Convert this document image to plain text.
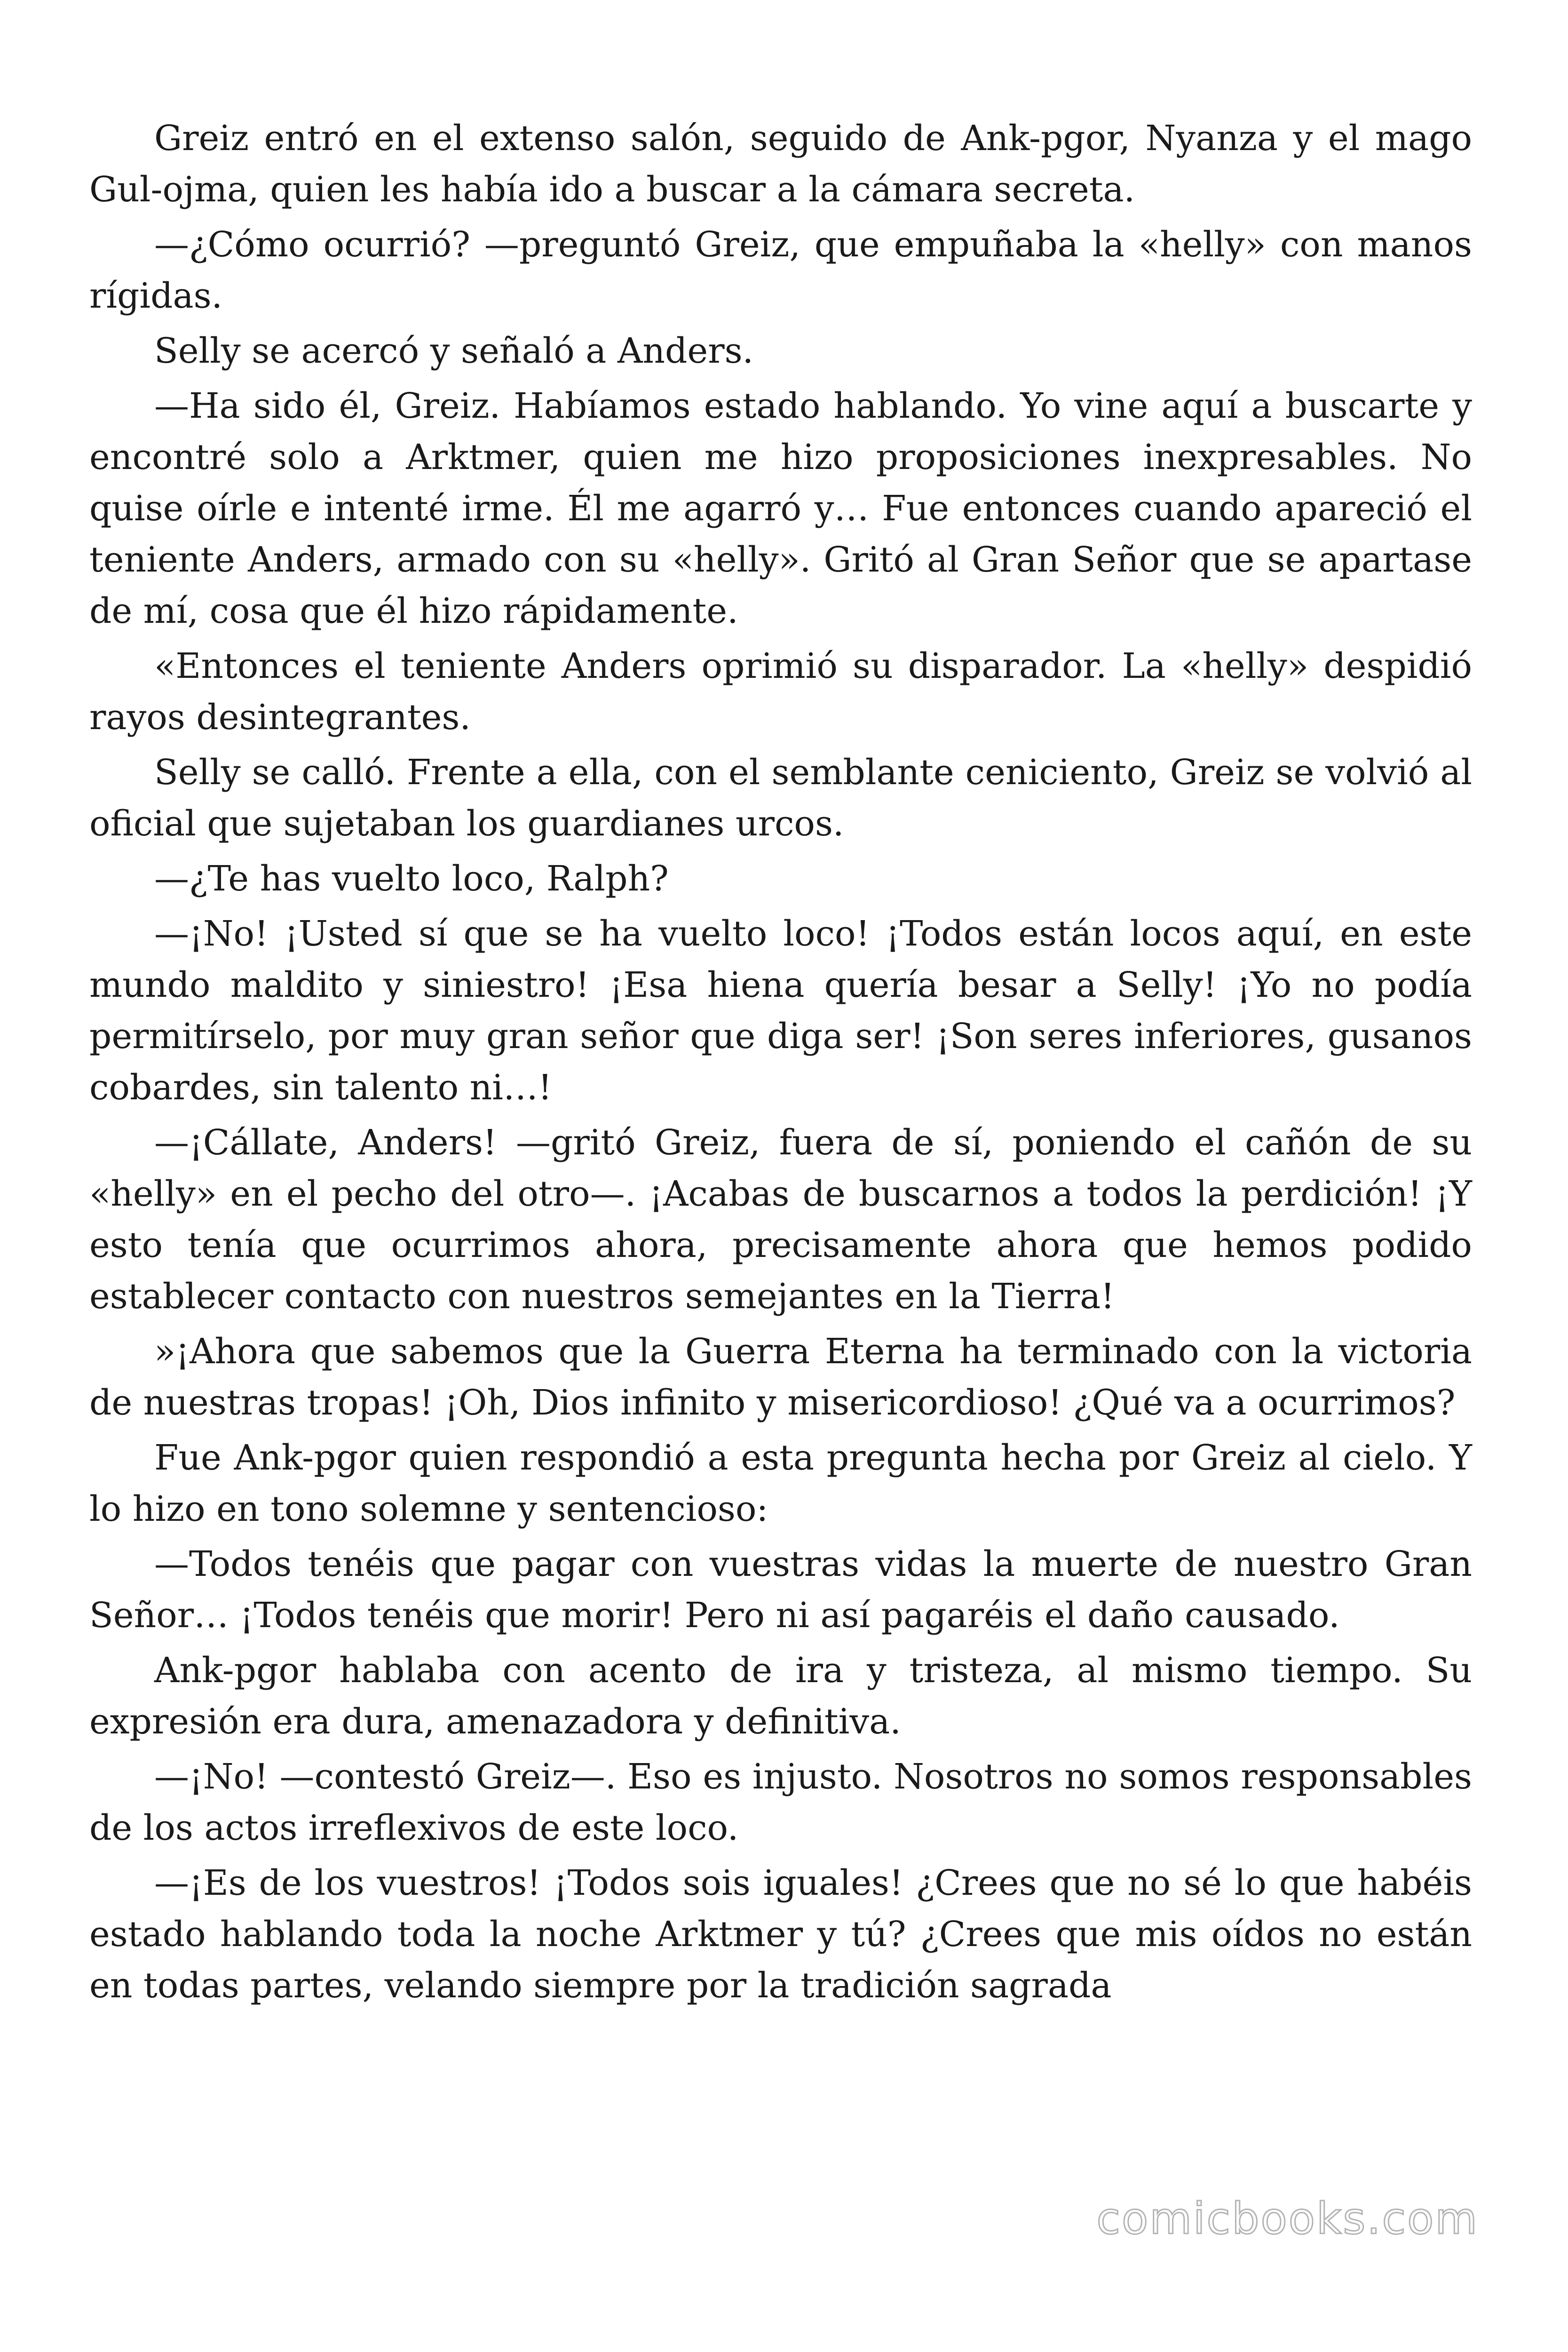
Greiz entró en el extenso salón, seguido de Ank-pgor, Nyanza y el mago Gul-ojma, quien les había ido a buscar a la cámara secreta.

—¿Cómo ocurrió? —preguntó Greiz, que empuñaba la «helly» con manos rígidas.

Selly se acercó y señaló a Anders.

—Ha sido él, Greiz. Habíamos estado hablando. Yo vine aquí a buscarte y encontré solo a Arktmer, quien me hizo proposiciones inexpresables. No quise oírle e intenté irme. Él me agarró y… Fue entonces cuando apareció el teniente Anders, armado con su «helly». Gritó al Gran Señor que se apartase de mí, cosa que él hizo rápidamente.

«Entonces el teniente Anders oprimió su disparador. La «helly» despidió rayos desintegrantes.

Selly se calló. Frente a ella, con el semblante ceniciento, Greiz se volvió al oficial que sujetaban los guardianes urcos.

—¿Te has vuelto loco, Ralph?

—¡No! ¡Usted sí que se ha vuelto loco! ¡Todos están locos aquí, en este mundo maldito y siniestro! ¡Esa hiena quería besar a Selly! ¡Yo no podía permitírselo, por muy gran señor que diga ser! ¡Son seres inferiores, gusanos cobardes, sin talento ni…!

—¡Cállate, Anders! —gritó Greiz, fuera de sí, poniendo el cañón de su «helly» en el pecho del otro—. ¡Acabas de buscarnos a todos la perdición! ¡Y esto tenía que ocurrimos ahora, precisamente ahora que hemos podido establecer contacto con nuestros semejantes en la Tierra!

»¡Ahora que sabemos que la Guerra Eterna ha terminado con la victoria de nuestras tropas! ¡Oh, Dios infinito y misericordioso! ¿Qué va a ocurrimos?

Fue Ank-pgor quien respondió a esta pregunta hecha por Greiz al cielo. Y lo hizo en tono solemne y sentencioso:

—Todos tenéis que pagar con vuestras vidas la muerte de nuestro Gran Señor… ¡Todos tenéis que morir! Pero ni así pagaréis el daño causado.

Ank-pgor hablaba con acento de ira y tristeza, al mismo tiempo. Su expresión era dura, amenazadora y definitiva.

—¡No! —contestó Greiz—. Eso es injusto. Nosotros no somos responsables de los actos irreflexivos de este loco.

—¡Es de los vuestros! ¡Todos sois iguales! ¿Crees que no sé lo que habéis estado hablando toda la noche Arktmer y tú? ¿Crees que mis oídos no están en todas partes, velando siempre por la tradición sagrada

comicbooks.com
